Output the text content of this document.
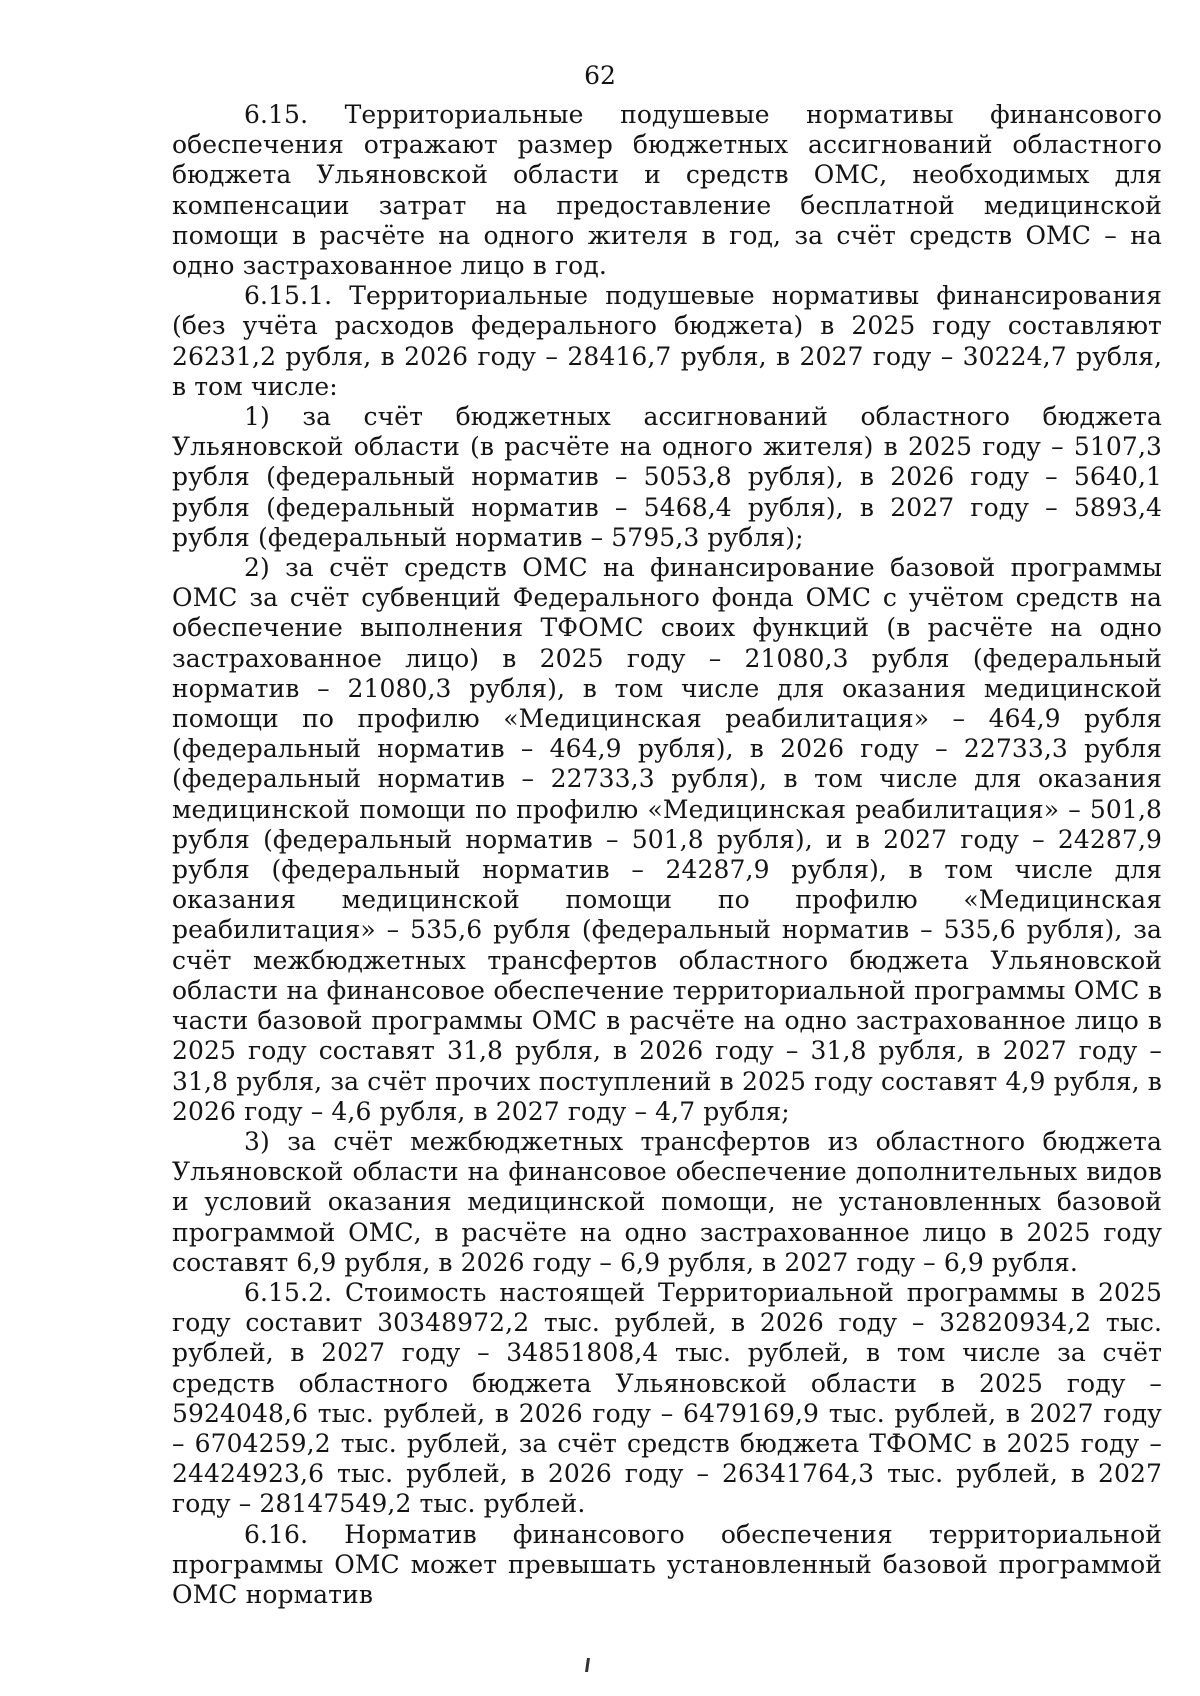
62

6.15. Территориальные подушевые нормативы финансового обеспечения отражают размер бюджетных ассигнований областного бюджета Ульяновской области и средств ОМС, необходимых для компенсации затрат на предоставление бесплатной медицинской помощи в расчёте на одного жителя в год, за счёт средств ОМС – на одно застрахованное лицо в год.

6.15.1. Территориальные подушевые нормативы финансирования (без учёта расходов федерального бюджета) в 2025 году составляют 26231,2 рубля, в 2026 году – 28416,7 рубля, в 2027 году – 30224,7 рубля, в том числе:

1) за счёт бюджетных ассигнований областного бюджета Ульяновской области (в расчёте на одного жителя) в 2025 году – 5107,3 рубля (федеральный норматив – 5053,8 рубля), в 2026 году – 5640,1 рубля (федеральный норматив – 5468,4 рубля), в 2027 году – 5893,4 рубля (федеральный норматив – 5795,3 рубля);

2) за счёт средств ОМС на финансирование базовой программы ОМС за счёт субвенций Федерального фонда ОМС с учётом средств на обеспечение выполнения ТФОМС своих функций (в расчёте на одно застрахованное лицо) в 2025 году – 21080,3 рубля (федеральный норматив – 21080,3 рубля), в том числе для оказания медицинской помощи по профилю «Медицинская реабилитация» – 464,9 рубля (федеральный норматив – 464,9 рубля), в 2026 году – 22733,3 рубля (федеральный норматив – 22733,3 рубля), в том числе для оказания медицинской помощи по профилю «Медицинская реабилитация» – 501,8 рубля (федеральный норматив – 501,8 рубля), и в 2027 году – 24287,9 рубля (федеральный норматив – 24287,9 рубля), в том числе для оказания медицинской помощи по профилю «Медицинская реабилитация» – 535,6 рубля (федеральный норматив – 535,6 рубля), за счёт межбюджетных трансфертов областного бюджета Ульяновской области на финансовое обеспечение территориальной программы ОМС в части базовой программы ОМС в расчёте на одно застрахованное лицо в 2025 году составят 31,8 рубля, в 2026 году – 31,8 рубля, в 2027 году – 31,8 рубля, за счёт прочих поступлений в 2025 году составят 4,9 рубля, в 2026 году – 4,6 рубля, в 2027 году – 4,7 рубля;

3) за счёт межбюджетных трансфертов из областного бюджета Ульяновской области на финансовое обеспечение дополнительных видов и условий оказания медицинской помощи, не установленных базовой программой ОМС, в расчёте на одно застрахованное лицо в 2025 году составят 6,9 рубля, в 2026 году – 6,9 рубля, в 2027 году – 6,9 рубля.

6.15.2. Стоимость настоящей Территориальной программы в 2025 году составит 30348972,2 тыс. рублей, в 2026 году – 32820934,2 тыс. рублей, в 2027 году – 34851808,4 тыс. рублей, в том числе за счёт средств областного бюджета Ульяновской области в 2025 году – 5924048,6 тыс. рублей, в 2026 году – 6479169,9 тыс. рублей, в 2027 году – 6704259,2 тыс. рублей, за счёт средств бюджета ТФОМС в 2025 году – 24424923,6 тыс. рублей, в 2026 году – 26341764,3 тыс. рублей, в 2027 году – 28147549,2 тыс. рублей.

6.16. Норматив финансового обеспечения территориальной программы ОМС может превышать установленный базовой программой ОМС норматив
